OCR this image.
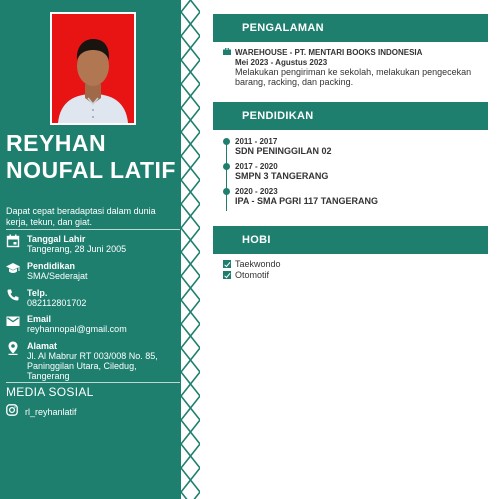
REYHAN
NOUFAL LATIF
Dapat cepat beradaptasi dalam dunia kerja, tekun, dan giat.
Tanggal Lahir
Tangerang, 28 Juni 2005
Pendidikan
SMA/Sederajat
Telp.
082112801702
Email
reyhannopal@gmail.com
Alamat
Jl. Al Mabrur RT 003/008 No. 85, Paninggilan Utara, Ciledug, Tangerang
MEDIA SOSIAL
rl_reyhanlatif
PENGALAMAN
WAREHOUSE - PT. MENTARI BOOKS INDONESIA
Mei 2023 - Agustus 2023
Melakukan pengiriman ke sekolah, melakukan pengecekan barang, racking, dan packing.
PENDIDIKAN
2011 - 2017
SDN PENINGGILAN 02
2017 - 2020
SMPN 3 TANGERANG
2020 - 2023
IPA - SMA PGRI 117 TANGERANG
HOBI
Taekwondo
Otomotif
